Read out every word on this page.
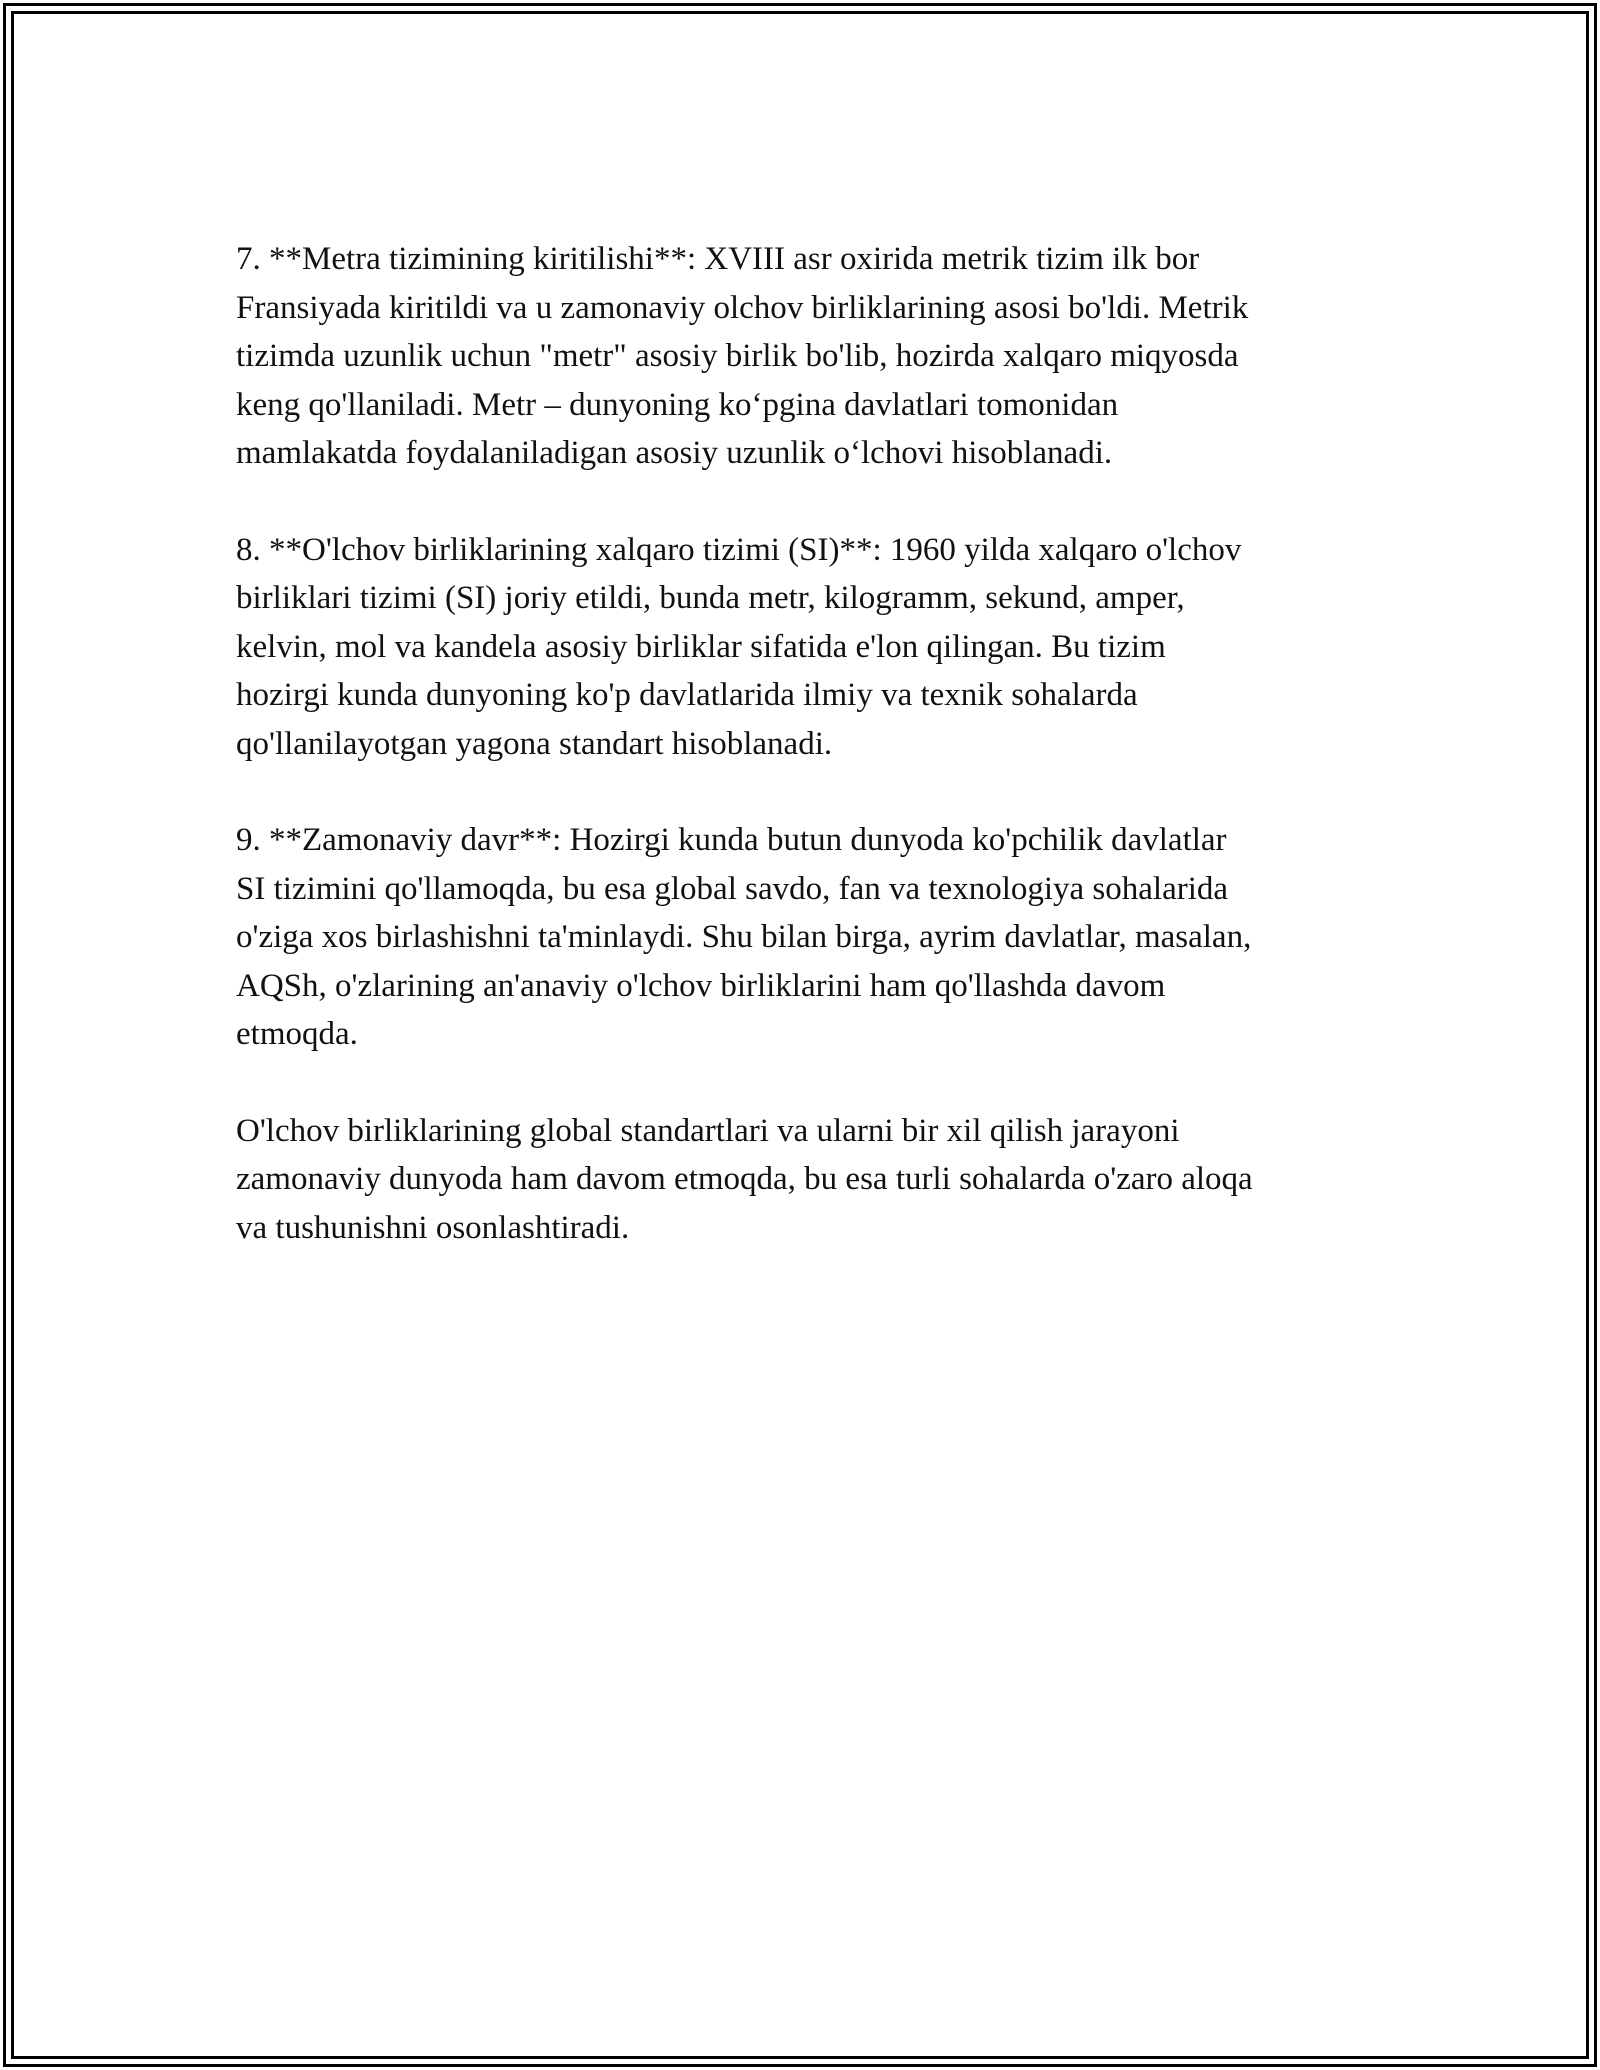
7. **Metra tizimining kiritilishi**: XVIII asr oxirida metrik tizim ilk bor
Fransiyada kiritildi va u zamonaviy olchov birliklarining asosi bo'ldi. Metrik
tizimda uzunlik uchun "metr" asosiy birlik bo'lib, hozirda xalqaro miqyosda
keng qo'llaniladi. Metr – dunyoning ko‘pgina davlatlari tomonidan
mamlakatda foydalaniladigan asosiy uzunlik o‘lchovi hisoblanadi.

8. **O'lchov birliklarining xalqaro tizimi (SI)**: 1960 yilda xalqaro o'lchov
birliklari tizimi (SI) joriy etildi, bunda metr, kilogramm, sekund, amper,
kelvin, mol va kandela asosiy birliklar sifatida e'lon qilingan. Bu tizim
hozirgi kunda dunyoning ko'p davlatlarida ilmiy va texnik sohalarda
qo'llanilayotgan yagona standart hisoblanadi.

9. **Zamonaviy davr**: Hozirgi kunda butun dunyoda ko'pchilik davlatlar
SI tizimini qo'llamoqda, bu esa global savdo, fan va texnologiya sohalarida
o'ziga xos birlashishni ta'minlaydi. Shu bilan birga, ayrim davlatlar, masalan,
AQSh, o'zlarining an'anaviy o'lchov birliklarini ham qo'llashda davom
etmoqda.

O'lchov birliklarining global standartlari va ularni bir xil qilish jarayoni
zamonaviy dunyoda ham davom etmoqda, bu esa turli sohalarda o'zaro aloqa
va tushunishni osonlashtiradi.
